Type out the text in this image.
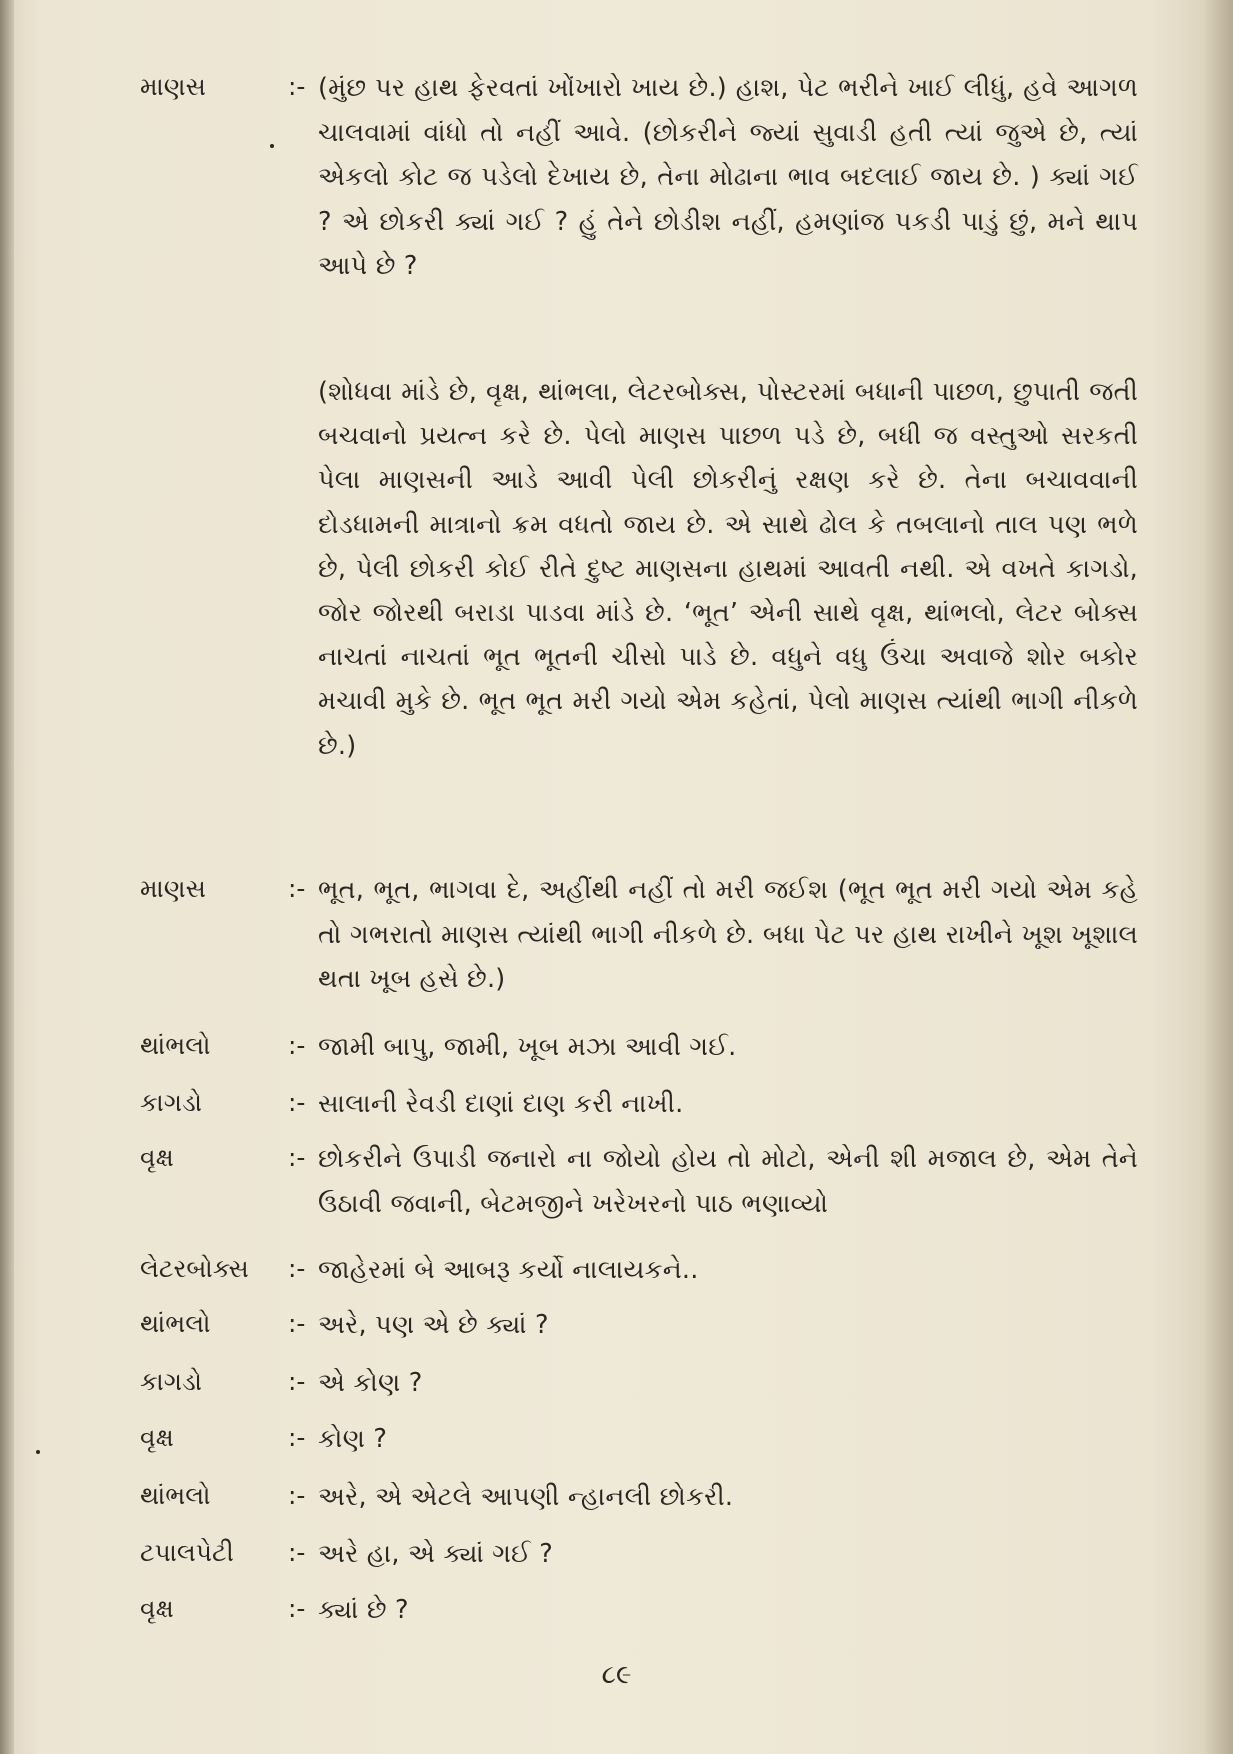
માણસ	:- (મુંછ પર હાથ ફેરવતાં ખોંખારો ખાય છે.) હાશ, પેટ ભરીને ખાઈ લીધું, હવે આગળ ચાલવામાં વાંધો તો નહીં આવે. (છોકરીને જ્યાં સુવાડી હતી ત્યાં જુએ છે, ત્યાં એકલો કોટ જ પડેલો દેખાય છે, તેના મોઢાના ભાવ બદલાઈ જાય છે. ) ક્યાં ગઈ ? એ છોકરી ક્યાં ગઈ ? હું તેને છોડીશ નહીં, હમણાંજ પકડી પાડું છું, મને થાપ આપે છે ?
(શોધવા માંડે છે, વૃક્ષ, થાંભલા, લેટરબોક્સ, પોસ્ટરમાં બધાની પાછળ, છુપાતી જતી બચવાનો પ્રયત્ન કરે છે. પેલો માણસ પાછળ પડે છે, બધી જ વસ્તુઓ સરકતી પેલા માણસની આડે આવી પેલી છોકરીનું રક્ષણ કરે છે. તેના બચાવવાની દોડધામની માત્રાનો ક્રમ વધતો જાય છે. એ સાથે ઢોલ કે તબલાનો તાલ પણ ભળે છે, પેલી છોકરી કોઈ રીતે દુષ્ટ માણસના હાથમાં આવતી નથી. એ વખતે કાગડો, જોર જોરથી બરાડા પાડવા માંડે છે. ‘ભૂત’ એની સાથે વૃક્ષ, થાંભલો, લેટર બોક્સ નાચતાં નાચતાં ભૂત ભૂતની ચીસો પાડે છે. વધુને વધુ ઉંચા અવાજે શોર બકોર મચાવી મુકે છે. ભૂત ભૂત મરી ગયો એમ કહેતાં, પેલો માણસ ત્યાંથી ભાગી નીકળે છે.)
માણસ	:- ભૂત, ભૂત, ભાગવા દે, અહીંથી નહીં તો મરી જઈશ (ભૂત ભૂત મરી ગયો એમ કહે તો ગભરાતો માણસ ત્યાંથી ભાગી નીકળે છે. બધા પેટ પર હાથ રાખીને ખૂશ ખૂશાલ થતા ખૂબ હસે છે.)
થાંભલો	:- જામી બાપુ, જામી, ખૂબ મઝા આવી ગઈ.
કાગડો	:- સાલાની રેવડી દાણાં દાણ કરી નાખી.
વૃક્ષ	:- છોકરીને ઉપાડી જનારો ના જોયો હોય તો મોટો, એની શી મજાલ છે, એમ તેને ઉઠાવી જવાની, બેટમજીને ખરેખરનો પાઠ ભણાવ્યો
લેટરબોક્સ	:- જાહેરમાં બે આબરૂ કર્યો નાલાયકને..
થાંભલો	:- અરે, પણ એ છે ક્યાં ?
કાગડો	:- એ કોણ ?
વૃક્ષ	:- કોણ ?
થાંભલો	:- અરે, એ એટલે આપણી ન્હાનલી છોકરી.
ટપાલપેટી	:- અરે હા, એ ક્યાં ગઈ ?
વૃક્ષ	:- ક્યાં છે ?
૮૯
